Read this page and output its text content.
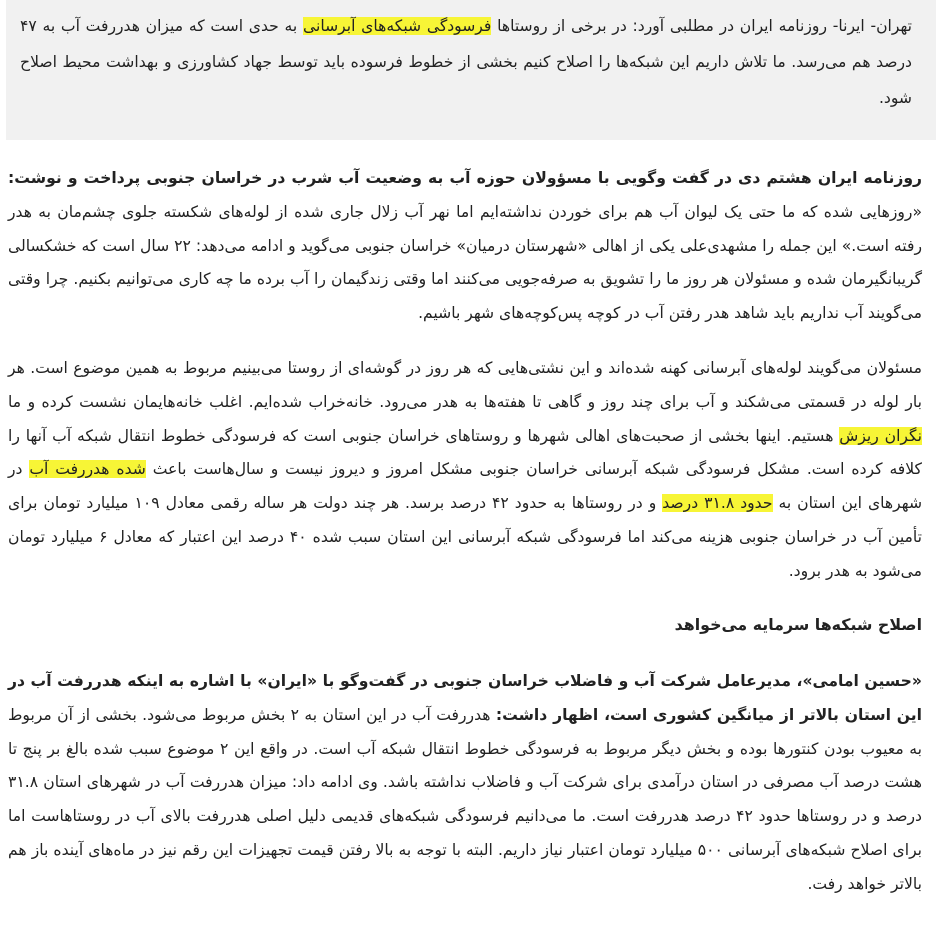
تهران- ایرنا- روزنامه ایران در مطلبی آورد: در برخی از روستاها فرسودگی شبکه‌های آبرسانی به حدی است که میزان هدررفت آب به ۴۷ درصد هم می‌رسد. ما تلاش داریم این شبکه‌ها را اصلاح کنیم بخشی از خطوط فرسوده باید توسط جهاد کشاورزی و بهداشت محیط اصلاح شود.

روزنامه ایران هشتم دی در گفت وگویی با مسؤولان حوزه آب به وضعیت آب شرب در خراسان جنوبی پرداخت و نوشت: «روزهایی شده که ما حتی یک لیوان آب هم برای خوردن نداشته‌ایم اما نهر آب زلال جاری شده از لوله‌های شکسته جلوی چشم‌مان به هدر رفته است.» این جمله را مشهدی‌علی یکی از اهالی «شهرستان درمیان» خراسان جنوبی می‌گوید و ادامه می‌دهد: ۲۲ سال است که خشکسالی گریبانگیرمان شده و مسئولان هر روز ما را تشویق به صرفه‌جویی می‌کنند اما وقتی زندگیمان را آب برده ما چه کاری می‌توانیم بکنیم. چرا وقتی می‌گویند آب نداریم باید شاهد هدر رفتن آب در کوچه پس‌کوچه‌های شهر باشیم.

مسئولان می‌گویند لوله‌های آبرسانی کهنه شده‌اند و این نشتی‌هایی که هر روز در گوشه‌ای از روستا می‌بینیم مربوط به همین موضوع است. هر بار لوله در قسمتی می‌شکند و آب برای چند روز و گاهی تا هفته‌ها به هدر می‌رود. خانه‌خراب شده‌ایم. اغلب خانه‌هایمان نشست کرده و ما نگران ریزش هستیم. اینها بخشی از صحبت‌های اهالی شهرها و روستاهای خراسان جنوبی است که فرسودگی خطوط انتقال شبکه آب آنها را کلافه کرده است. مشکل فرسودگی شبکه آبرسانی خراسان جنوبی مشکل امروز و دیروز نیست و سال‌هاست باعث شده هدررفت آب در شهرهای این استان به حدود ۳۱.۸ درصد و در روستاها به حدود ۴۲ درصد برسد. هر چند دولت هر ساله رقمی معادل ۱۰۹ میلیارد تومان برای تأمین آب در خراسان جنوبی هزینه می‌کند اما فرسودگی شبکه آبرسانی این استان سبب شده ۴۰ درصد این اعتبار که معادل ۶ میلیارد تومان می‌شود به هدر برود.

اصلاح شبکه‌ها سرمایه می‌خواهد

«حسین امامی»، مدیرعامل شرکت آب و فاضلاب خراسان جنوبی در گفت‌وگو با «ایران» با اشاره به اینکه هدررفت آب در این استان بالاتر از میانگین کشوری است، اظهار داشت: هدررفت آب در این استان به ۲ بخش مربوط می‌شود. بخشی از آن مربوط به معیوب بودن کنتورها بوده و بخش دیگر مربوط به فرسودگی خطوط انتقال شبکه آب است. در واقع این ۲ موضوع سبب شده بالغ بر پنج تا هشت درصد آب مصرفی در استان درآمدی برای شرکت آب و فاضلاب نداشته باشد. وی ادامه داد: میزان هدررفت آب در شهرهای استان ۳۱.۸ درصد و در روستاها حدود ۴۲ درصد هدررفت است. ما می‌دانیم فرسودگی شبکه‌های قدیمی دلیل اصلی هدررفت بالای آب در روستاهاست اما برای اصلاح شبکه‌های آبرسانی ۵۰۰ میلیارد تومان اعتبار نیاز داریم. البته با توجه به بالا رفتن قیمت تجهیزات این رقم نیز در ماه‌های آینده باز هم بالاتر خواهد رفت.
